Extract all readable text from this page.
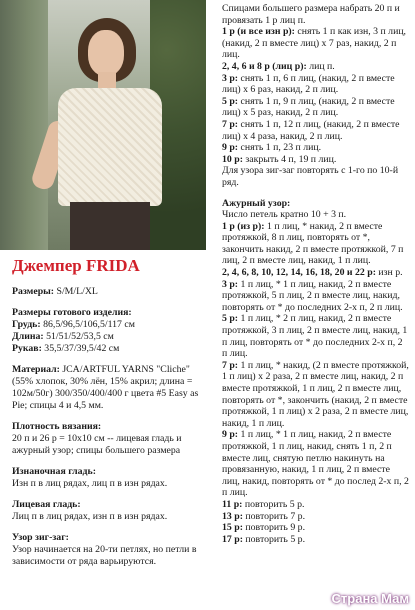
Джемпер FRIDA

Размеры: S/M/L/XL

Размеры готового изделия:

Грудь: 86,5/96,5/106,5/117 см

Длина: 51/51/52/53,5 см

Рукав: 35,5/37/39,5/42 см

Материал: JCA/ARTFUL YARNS "Cliche" (55% хлопок, 30% лён, 15% акрил; длина = 102м/50г) 300/350/400/400 г цвета #5 Easy as Pie; спицы 4 и 4,5 мм.

Плотность вязания:

20 п и 26 р = 10x10 см -- лицевая гладь и ажурный узор; спицы большего размера

Изнаночная гладь:

Изн п в лиц рядах, лиц п в изн рядах.

Лицевая гладь:

Лиц п в лиц рядах, изн п в изн рядах.

Узор зиг-заг:

Узор начинается на 20-ти петлях, но петли в зависимости от ряда варьируются.

Спицами большего размера набрать 20 п и провязать 1 р лиц п.

1 р (и все изн р): снять 1 п как изн, 3 п лиц, (накид, 2 п вместе лиц) х 7 раз, накид, 2 п лиц.

2, 4, 6 и 8 р (лиц р): лиц п.

3 р: снять 1 п, 6 п лиц, (накид, 2 п вместе лиц) х 6 раз, накид, 2 п лиц.

5 р: снять 1 п, 9 п лиц, (накид, 2 п вместе лиц) х 5 раз, накид, 2 п лиц.

7 р: снять 1 п, 12 п лиц, (накид, 2 п вместе лиц) х 4 раза, накид, 2 п лиц.

9 р: снять 1 п, 23 п лиц.

10 р: закрыть 4 п, 19 п лиц.

Для узора зиг-заг повторять с 1-го по 10-й ряд.

Ажурный узор:

Число петель кратно 10 + 3 п.

1 р (из р): 1 п лиц, * накид, 2 п вместе протяжкой, 8 п лиц, повторять от *, закончить накид, 2 п вместе протяжкой, 7 п лиц, 2 п вместе лиц, накид, 1 п лиц.

2, 4, 6, 8, 10, 12, 14, 16, 18, 20 и 22 р: изн р.

3 р: 1 п лиц, * 1 п лиц, накид, 2 п вместе протяжкой, 5 п лиц, 2 п вместе лиц, накид, повторять от * до последних 2-х п, 2 п лиц.

5 р: 1 п лиц, * 2 п лиц, накид, 2 п вместе протяжкой, 3 п лиц, 2 п вместе лиц, накид, 1 п лиц, повторять от * до последних 2-х п, 2 п лиц.

7 р: 1 п лиц, * накид, (2 п вместе протяжкой, 1 п лиц) х 2 раза, 2 п вместе лиц, накид, 2 п вместе протяжкой, 1 п лиц, 2 п вместе лиц, повторять от *, закончить (накид, 2 п вместе протяжкой, 1 п лиц) х 2 раза, 2 п вместе лиц, накид, 1 п лиц.

9 р: 1 п лиц, * 1 п лиц, накид, 2 п вместе протяжкой, 1 п лиц, накид, снять 1 п, 2 п вместе лиц, снятую петлю накинуть на провязанную, накид, 1 п лиц, 2 п вместе лиц, накид, повторять от * до послед 2-х п, 2 п лиц.

11 р: повторить 5 р.

13 р: повторить 7 р.

15 р: повторить 9 р.

17 р: повторить 5 р.

Страна Мам
